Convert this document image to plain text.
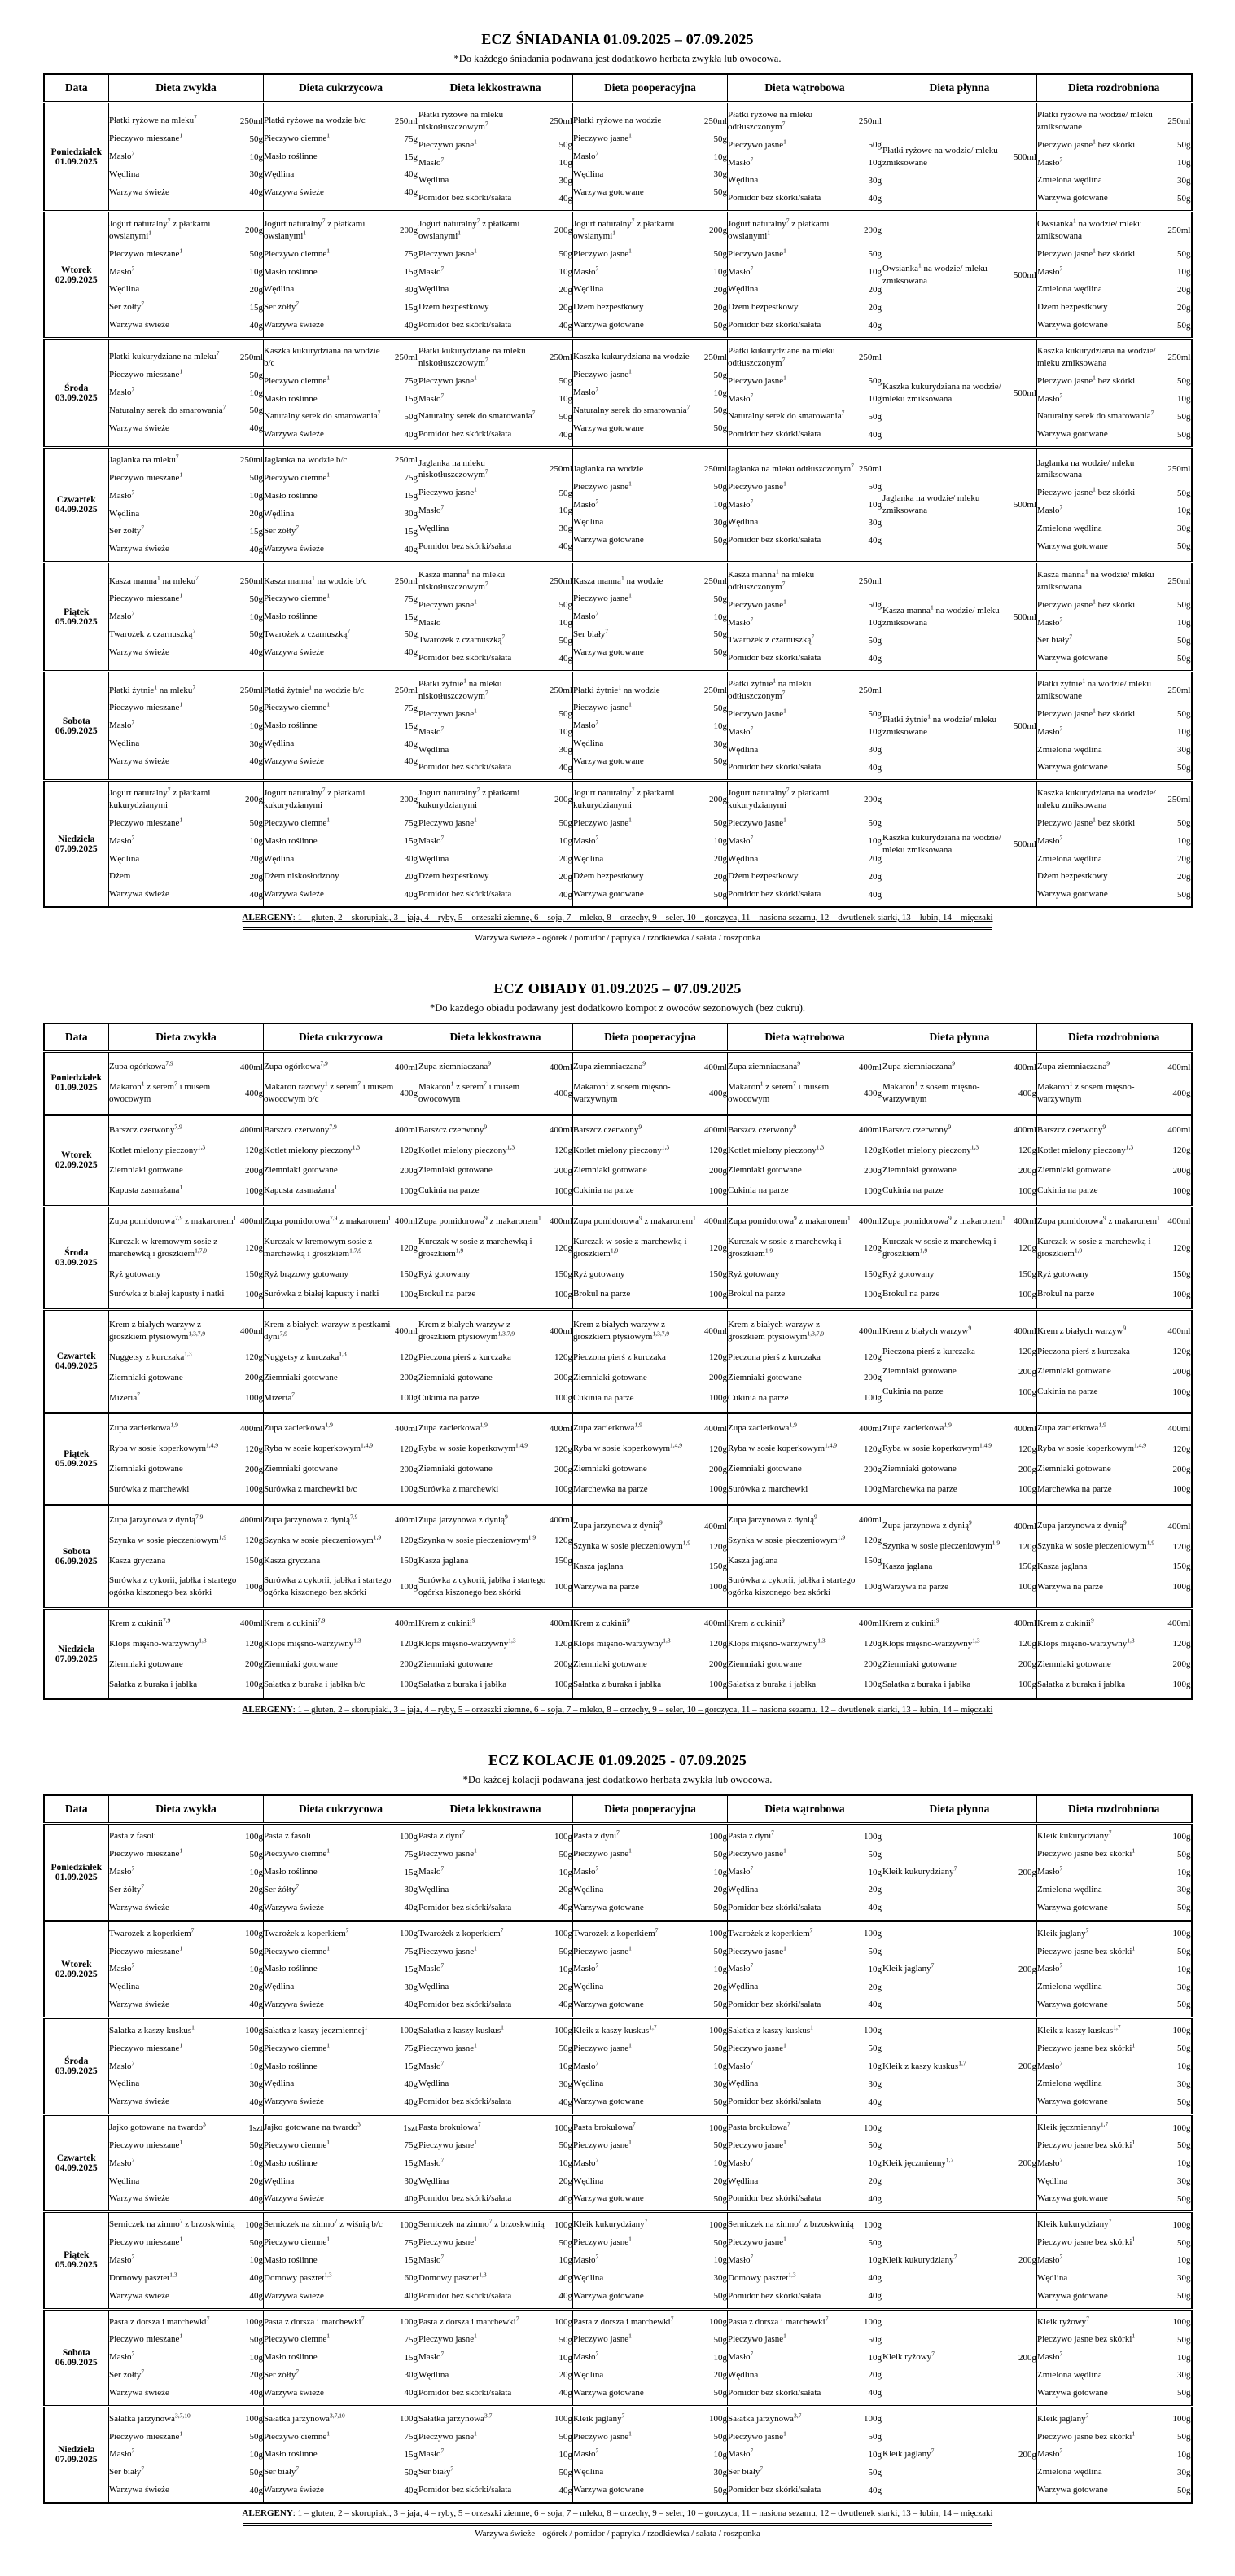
ECZ ŚNIADANIA 01.09.2025 – 07.09.2025
*Do każdego śniadania podawana jest dodatkowo herbata zwykła lub owocowa.
Data	Dieta zwykła	Dieta cukrzycowa	Dieta lekkostrawna	Dieta pooperacyjna	Dieta wątrobowa	Dieta płynna	Dieta rozdrobniona

Poniedziałek
01.09.2025

Płatki ryżowe na mleku$^7$	250ml
Pieczywo mieszane$^1$	50g
Masło$^7$	10g
Wędlina	30g
Warzywa świeże	40g

Płatki ryżowe na wodzie b/c	250ml
Pieczywo ciemne$^1$	75g
Masło roślinne	15g
Wędlina	40g
Warzywa świeże	40g

Płatki ryżowe na mleku niskotłuszczowym$^7$	250ml
Pieczywo jasne$^1$	50g
Masło$^7$	10g
Wędlina	30g
Pomidor bez skórki/sałata	40g

Płatki ryżowe na wodzie	250ml
Pieczywo jasne$^1$	50g
Masło$^7$	10g
Wędlina	30g
Warzywa gotowane	50g

Płatki ryżowe na mleku odtłuszczonym$^7$	250ml
Pieczywo jasne$^1$	50g
Masło$^7$	10g
Wędlina	30g
Pomidor bez skórki/sałata	40g

Płatki ryżowe na wodzie/ mleku zmiksowane
500ml

Płatki ryżowe na wodzie/ mleku zmiksowane
250ml
Pieczywo jasne$^1$ bez skórki	50g
Masło$^7$	10g
Zmielona wędlina	30g
Warzywa gotowane	50g

Wtorek
02.09.2025

Jogurt naturalny$^7$ z płatkami owsianymi$^1$	200g
Pieczywo mieszane$^1$	50g
Masło$^7$	10g
Wędlina	20g
Ser żółty$^7$	15g
Warzywa świeże	40g

Jogurt naturalny$^7$ z płatkami owsianymi$^1$	200g
Pieczywo ciemne$^1$	75g
Masło roślinne	15g
Wędlina	30g
Ser żółty$^7$	15g
Warzywa świeże	40g

Jogurt naturalny$^7$ z płatkami owsianymi$^1$	200g
Pieczywo jasne$^1$	50g
Masło$^7$	10g
Wędlina	20g
Dżem bezpestkowy	20g
Pomidor bez skórki/sałata	40g

Jogurt naturalny$^7$ z płatkami owsianymi$^1$	200g
Pieczywo jasne$^1$	50g
Masło$^7$	10g
Wędlina	20g
Dżem bezpestkowy	20g
Warzywa gotowane	50g

Jogurt naturalny$^7$ z płatkami owsianymi$^1$	200g
Pieczywo jasne$^1$	50g
Masło$^7$	10g
Wędlina	20g
Dżem bezpestkowy	20g
Pomidor bez skórki/sałata	40g

Owsianka$^1$ na wodzie/ mleku zmiksowana
500ml

Owsianka$^1$ na wodzie/ mleku zmiksowana
250ml
Pieczywo jasne$^1$ bez skórki	50g
Masło$^7$	10g
Zmielona wędlina	20g
Dżem bezpestkowy	20g
Warzywa gotowane	50g

Środa
03.09.2025

Płatki kukurydziane na mleku$^7$ 250ml
Pieczywo mieszane$^1$	50g
Masło$^7$	10g
Naturalny serek do smarowania$^7$	50g
Warzywa świeże	40g

Kaszka kukurydziana na wodzie b/c
250ml
Pieczywo ciemne$^1$	75g
Masło roślinne	15g
Naturalny serek do smarowania$^7$	50g
Warzywa świeże	40g

Płatki kukurydziane na mleku niskotłuszczowym$^7$	250ml
Pieczywo jasne$^1$	50g
Masło$^7$	10g
Naturalny serek do smarowania$^7$	50g
Pomidor bez skórki/sałata	40g

Kaszka kukurydziana na wodzie 250ml
Pieczywo jasne$^1$	50g
Masło$^7$	10g
Naturalny serek do smarowania$^7$	50g
Warzywa gotowane	50g

Płatki kukurydziane na mleku odtłuszczonym$^7$	250ml
Pieczywo jasne$^1$	50g
Masło$^7$	10g
Naturalny serek do smarowania$^7$	50g
Pomidor bez skórki/sałata	40g

Kaszka kukurydziana na wodzie/ mleku zmiksowana
500ml

Kaszka kukurydziana na wodzie/ mleku zmiksowana
250ml
Pieczywo jasne$^1$ bez skórki	50g
Masło$^7$	10g
Naturalny serek do smarowania$^7$	50g
Warzywa gotowane	50g

Czwartek
04.09.2025

Jaglanka na mleku$^7$	250ml
Pieczywo mieszane$^1$	50g
Masło$^7$	10g
Wędlina	20g
Ser żółty$^7$	15g
Warzywa świeże	40g

Jaglanka na wodzie b/c	250ml
Pieczywo ciemne$^1$	75g
Masło roślinne	15g
Wędlina	30g
Ser żółty$^7$	15g
Warzywa świeże	40g

Jaglanka na mleku niskotłuszczowym$^7$	250ml
Pieczywo jasne$^1$	50g
Masło$^7$	10g
Wędlina	30g
Pomidor bez skórki/sałata	40g

Jaglanka na wodzie	250ml
Pieczywo jasne$^1$	50g
Masło$^7$	10g
Wędlina	30g
Warzywa gotowane	50g

Jaglanka na mleku odtłuszczonym$^7$ 250ml
Pieczywo jasne$^1$	50g
Masło$^7$	10g
Wędlina	30g
Pomidor bez skórki/sałata	40g

Jaglanka na wodzie/ mleku zmiksowana
500ml

Jaglanka na wodzie/ mleku zmiksowana
250ml
Pieczywo jasne$^1$ bez skórki	50g
Masło$^7$	10g
Zmielona wędlina	30g
Warzywa gotowane	50g

Piątek
05.09.2025

Kasza manna$^1$ na mleku$^7$	250ml
Pieczywo mieszane$^1$	50g
Masło$^7$	10g
Twarożek z czarnuszką$^7$	50g
Warzywa świeże	40g

Kasza manna$^1$ na wodzie b/c	250ml
Pieczywo ciemne$^1$	75g
Masło roślinne	15g
Twarożek z czarnuszką$^7$	50g
Warzywa świeże	40g

Kasza manna$^1$ na mleku niskotłuszczowym$^7$	250ml
Pieczywo jasne$^1$	50g
Masło	10g
Twarożek z czarnuszką$^7$	50g
Pomidor bez skórki/sałata	40g

Kasza manna$^1$ na wodzie	250ml
Pieczywo jasne$^1$	50g
Masło$^7$	10g
Ser biały$^7$	50g
Warzywa gotowane	50g

Kasza manna$^1$ na mleku odtłuszczonym$^7$	250ml
Pieczywo jasne$^1$	50g
Masło$^7$	10g
Twarożek z czarnuszką$^7$	50g
Pomidor bez skórki/sałata	40g

Kasza manna$^1$ na wodzie/ mleku zmiksowana
500ml

Kasza manna$^1$ na wodzie/ mleku zmiksowana
250ml
Pieczywo jasne$^1$ bez skórki	50g
Masło$^7$	10g
Ser biały$^7$	50g
Warzywa gotowane	50g

Sobota
06.09.2025

Płatki żytnie$^1$ na mleku$^7$	250ml
Pieczywo mieszane$^1$	50g
Masło$^7$	10g
Wędlina	30g
Warzywa świeże	40g

Płatki żytnie$^1$ na wodzie b/c	250ml
Pieczywo ciemne$^1$	75g
Masło roślinne	15g
Wędlina	40g
Warzywa świeże	40g

Płatki żytnie$^1$ na mleku niskotłuszczowym$^7$	250ml
Pieczywo jasne$^1$	50g
Masło$^7$	10g
Wędlina	30g
Pomidor bez skórki/sałata	40g

Płatki żytnie$^1$ na wodzie	250ml
Pieczywo jasne$^1$	50g
Masło$^7$	10g
Wędlina	30g
Warzywa gotowane	50g

Płatki żytnie$^1$ na mleku odtłuszczonym$^7$	250ml
Pieczywo jasne$^1$	50g
Masło$^7$	10g
Wędlina	30g
Pomidor bez skórki/sałata	40g

Płatki żytnie$^1$ na wodzie/ mleku zmiksowane
500ml

Płatki żytnie$^1$ na wodzie/ mleku zmiksowane
250ml
Pieczywo jasne$^1$ bez skórki	50g
Masło$^7$	10g
Zmielona wędlina	30g
Warzywa gotowane	50g

Niedziela
07.09.2025

Jogurt naturalny$^7$ z płatkami kukurydzianymi
200g
Pieczywo mieszane$^1$	50g
Masło$^7$	10g
Wędlina	20g
Dżem	20g
Warzywa świeże	40g

Jogurt naturalny$^7$ z płatkami kukurydzianymi
200g
Pieczywo ciemne$^1$	75g
Masło roślinne	15g
Wędlina	30g
Dżem niskosłodzony	20g
Warzywa świeże	40g

Jogurt naturalny$^7$ z płatkami kukurydzianymi
200g
Pieczywo jasne$^1$	50g
Masło$^7$	10g
Wędlina	20g
Dżem bezpestkowy	20g
Pomidor bez skórki/sałata	40g

Jogurt naturalny$^7$ z płatkami kukurydzianymi
200g
Pieczywo jasne$^1$	50g
Masło$^7$	10g
Wędlina	20g
Dżem bezpestkowy	20g
Warzywa gotowane	50g

Jogurt naturalny$^7$ z płatkami kukurydzianymi
200g
Pieczywo jasne$^1$	50g
Masło$^7$	10g
Wędlina	20g
Dżem bezpestkowy	20g
Pomidor bez skórki/sałata	40g

Kaszka kukurydziana na wodzie/ mleku zmiksowana
500ml

Kaszka kukurydziana na wodzie/ mleku zmiksowana
250ml
Pieczywo jasne$^1$ bez skórki	50g
Masło$^7$	10g
Zmielona wędlina	20g
Dżem bezpestkowy	20g
Warzywa gotowane	50g
ALERGENY: 1 – gluten, 2 – skorupiaki, 3 – jaja, 4 – ryby, 5 – orzeszki ziemne, 6 – soja, 7 – mleko, 8 – orzechy, 9 – seler, 10 – gorczyca, 11 – nasiona sezamu, 12 – dwutlenek siarki, 13 – łubin, 14 – mięczaki
Warzywa świeże - ogórek / pomidor / papryka / rzodkiewka / sałata / roszponka
ECZ OBIADY 01.09.2025 – 07.09.2025
*Do każdego obiadu podawany jest dodatkowo kompot z owoców sezonowych (bez cukru).
Data	Dieta zwykła	Dieta cukrzycowa	Dieta lekkostrawna	Dieta pooperacyjna	Dieta wątrobowa	Dieta płynna	Dieta rozdrobniona

Poniedziałek
01.09.2025

Zupa ogórkowa$^{7,9}$	400ml
Makaron$^1$ z serem$^7$ i musem owocowym
400g

Zupa ogórkowa$^{7,9}$	400ml
Makaron razowy$^1$ z serem$^7$ i musem owocowym b/c
400g

Zupa ziemniaczana$^9$	400ml
Makaron$^1$ z serem$^7$ i musem owocowym
400g

Zupa ziemniaczana$^9$	400ml
Makaron$^1$ z sosem mięsno-warzywnym
400g

Zupa ziemniaczana$^9$	400ml
Makaron$^1$ z serem$^7$ i musem owocowym
400g

Zupa ziemniaczana$^9$	400ml
Makaron$^1$ z sosem mięsno-warzywnym
400g

Zupa ziemniaczana$^9$	400ml
Makaron$^1$ z sosem mięsno-warzywnym
400g

Wtorek
02.09.2025

Barszcz czerwony$^{7,9}$	400ml
Kotlet mielony pieczony$^{1,3}$	120g
Ziemniaki gotowane	200g
Kapusta zasmażana$^1$	100g

Barszcz czerwony$^{7,9}$	400ml
Kotlet mielony pieczony$^{1,3}$	120g
Ziemniaki gotowane	200g
Kapusta zasmażana$^1$	100g

Barszcz czerwony$^9$	400ml
Kotlet mielony pieczony$^{1,3}$	120g
Ziemniaki gotowane	200g
Cukinia na parze	100g

Barszcz czerwony$^9$	400ml
Kotlet mielony pieczony$^{1,3}$	120g
Ziemniaki gotowane	200g
Cukinia na parze	100g

Barszcz czerwony$^9$	400ml
Kotlet mielony pieczony$^{1,3}$	120g
Ziemniaki gotowane	200g
Cukinia na parze	100g

Barszcz czerwony$^9$	400ml
Kotlet mielony pieczony$^{1,3}$	120g
Ziemniaki gotowane	200g
Cukinia na parze	100g

Barszcz czerwony$^9$	400ml
Kotlet mielony pieczony$^{1,3}$	120g
Ziemniaki gotowane	200g
Cukinia na parze	100g

Środa
03.09.2025

Zupa pomidorowa$^{7,9}$ z makaronem$^1$ 400ml
Kurczak w kremowym sosie z marchewką i groszkiem$^{1,7,9}$	120g
Ryż gotowany	150g
Surówka z białej kapusty i natki 100g

Zupa pomidorowa$^{7,9}$ z makaronem$^1$ 400ml
Kurczak w kremowym sosie z marchewką i groszkiem$^{1,7,9}$	120g
Ryż brązowy gotowany	150g
Surówka z białej kapusty i natki 100g

Zupa pomidorowa$^9$ z makaronem$^1$ 400ml
Kurczak w sosie z marchewką i groszkiem$^{1,9}$	120g
Ryż gotowany	150g
Brokul na parze	100g

Zupa pomidorowa$^9$ z makaronem$^1$ 400ml
Kurczak w sosie z marchewką i groszkiem$^{1,9}$	120g
Ryż gotowany	150g
Brokul na parze	100g

Zupa pomidorowa$^9$ z makaronem$^1$ 400ml
Kurczak w sosie z marchewką i groszkiem$^{1,9}$	120g
Ryż gotowany	150g
Brokul na parze	100g

Zupa pomidorowa$^9$ z makaronem$^1$ 400ml
Kurczak w sosie z marchewką i groszkiem$^{1,9}$	120g
Ryż gotowany	150g
Brokul na parze	100g

Zupa pomidorowa$^9$ z makaronem$^1$ 400ml
Kurczak w sosie z marchewką i groszkiem$^{1,9}$	120g
Ryż gotowany	150g
Brokul na parze	100g

Czwartek
04.09.2025

Krem z białych warzyw z groszkiem ptysiowym$^{1,3,7,9}$	400ml
Nuggetsy z kurczaka$^{1,3}$	120g
Ziemniaki gotowane	200g
Mizeria$^7$	100g

Krem z białych warzyw z pestkami dyni$^{7,9}$	400ml
Nuggetsy z kurczaka$^{1,3}$	120g
Ziemniaki gotowane	200g
Mizeria$^7$	100g

Krem z białych warzyw z groszkiem ptysiowym$^{1,3,7,9}$	400ml
Pieczona pierś z kurczaka	120g
Ziemniaki gotowane	200g
Cukinia na parze	100g

Krem z białych warzyw z groszkiem ptysiowym$^{1,3,7,9}$	400ml
Pieczona pierś z kurczaka	120g
Ziemniaki gotowane	200g
Cukinia na parze	100g

Krem z białych warzyw z groszkiem ptysiowym$^{1,3,7,9}$	400ml
Pieczona pierś z kurczaka	120g
Ziemniaki gotowane	200g
Cukinia na parze	100g

Krem z białych warzyw$^9$	400ml
Pieczona pierś z kurczaka	120g
Ziemniaki gotowane	200g
Cukinia na parze	100g

Krem z białych warzyw$^9$	400ml
Pieczona pierś z kurczaka	120g
Ziemniaki gotowane	200g
Cukinia na parze	100g

Piątek
05.09.2025

Zupa zacierkowa$^{1,9}$	400ml
Ryba w sosie koperkowym$^{1,4,9}$	120g
Ziemniaki gotowane	200g
Surówka z marchewki	100g

Zupa zacierkowa$^{1,9}$	400ml
Ryba w sosie koperkowym$^{1,4,9}$	120g
Ziemniaki gotowane	200g
Surówka z marchewki b/c	100g

Zupa zacierkowa$^{1,9}$	400ml
Ryba w sosie koperkowym$^{1,4,9}$	120g
Ziemniaki gotowane	200g
Surówka z marchewki	100g

Zupa zacierkowa$^{1,9}$	400ml
Ryba w sosie koperkowym$^{1,4,9}$	120g
Ziemniaki gotowane	200g
Marchewka na parze	100g

Zupa zacierkowa$^{1,9}$	400ml
Ryba w sosie koperkowym$^{1,4,9}$	120g
Ziemniaki gotowane	200g
Surówka z marchewki	100g

Zupa zacierkowa$^{1,9}$	400ml
Ryba w sosie koperkowym$^{1,4,9}$	120g
Ziemniaki gotowane	200g
Marchewka na parze	100g

Zupa zacierkowa$^{1,9}$	400ml
Ryba w sosie koperkowym$^{1,4,9}$	120g
Ziemniaki gotowane	200g
Marchewka na parze	100g

Sobota
06.09.2025

Zupa jarzynowa z dynią$^{7,9}$	400ml
Szynka w sosie pieczeniowym$^{1,9}$ 120g
Kasza gryczana	150g
Surówka z cykorii, jabłka i startego ogórka kiszonego bez skórki
100g

Zupa jarzynowa z dynią$^{7,9}$	400ml
Szynka w sosie pieczeniowym$^{1,9}$ 120g
Kasza gryczana	150g
Surówka z cykorii, jabłka i startego ogórka kiszonego bez skórki
100g

Zupa jarzynowa z dynią$^9$	400ml
Szynka w sosie pieczeniowym$^{1,9}$ 120g
Kasza jaglana	150g
Surówka z cykorii, jabłka i startego ogórka kiszonego bez skórki
100g

Zupa jarzynowa z dynią$^9$	400ml
Szynka w sosie pieczeniowym$^{1,9}$ 120g
Kasza jaglana	150g
Warzywa na parze	100g

Zupa jarzynowa z dynią$^9$	400ml
Szynka w sosie pieczeniowym$^{1,9}$ 120g
Kasza jaglana	150g
Surówka z cykorii, jabłka i startego ogórka kiszonego bez skórki
100g

Zupa jarzynowa z dynią$^9$	400ml
Szynka w sosie pieczeniowym$^{1,9}$ 120g
Kasza jaglana	150g
Warzywa na parze	100g

Zupa jarzynowa z dynią$^9$	400ml
Szynka w sosie pieczeniowym$^{1,9}$ 120g
Kasza jaglana	150g
Warzywa na parze	100g

Niedziela
07.09.2025

Krem z cukinii$^{7,9}$	400ml
Klops mięsno-warzywny$^{1,3}$	120g
Ziemniaki gotowane	200g
Sałatka z buraka i jabłka	100g

Krem z cukinii$^{7,9}$	400ml
Klops mięsno-warzywny$^{1,3}$	120g
Ziemniaki gotowane	200g
Sałatka z buraka i jabłka b/c	100g

Krem z cukinii$^9$	400ml
Klops mięsno-warzywny$^{1,3}$	120g
Ziemniaki gotowane	200g
Sałatka z buraka i jabłka	100g

Krem z cukinii$^9$	400ml
Klops mięsno-warzywny$^{1,3}$	120g
Ziemniaki gotowane	200g
Sałatka z buraka i jabłka	100g

Krem z cukinii$^9$	400ml
Klops mięsno-warzywny$^{1,3}$	120g
Ziemniaki gotowane	200g
Sałatka z buraka i jabłka	100g

Krem z cukinii$^9$	400ml
Klops mięsno-warzywny$^{1,3}$	120g
Ziemniaki gotowane	200g
Sałatka z buraka i jabłka	100g

Krem z cukinii$^9$	400ml
Klops mięsno-warzywny$^{1,3}$	120g
Ziemniaki gotowane	200g
Sałatka z buraka i jabłka	100g
ALERGENY: 1 – gluten, 2 – skorupiaki, 3 – jaja, 4 – ryby, 5 – orzeszki ziemne, 6 – soja, 7 – mleko, 8 – orzechy, 9 – seler, 10 – gorczyca, 11 – nasiona sezamu, 12 – dwutlenek siarki, 13 – łubin, 14 – mięczaki
ECZ KOLACJE 01.09.2025 - 07.09.2025
*Do każdej kolacji podawana jest dodatkowo herbata zwykła lub owocowa.
Data	Dieta zwykła	Dieta cukrzycowa	Dieta lekkostrawna	Dieta pooperacyjna	Dieta wątrobowa	Dieta płynna	Dieta rozdrobniona

Poniedziałek
01.09.2025

Pasta z fasoli	100g
Pieczywo mieszane$^1$	50g
Masło$^7$	10g
Ser żółty$^7$	20g
Warzywa świeże	40g

Pasta z fasoli	100g
Pieczywo ciemne$^1$	75g
Masło roślinne	15g
Ser żółty$^7$	30g
Warzywa świeże	40g

Pasta z dyni$^7$	100g
Pieczywo jasne$^1$	50g
Masło$^7$	10g
Wędlina	20g
Pomidor bez skórki/sałata	40g

Pasta z dyni$^7$	100g
Pieczywo jasne$^1$	50g
Masło$^7$	10g
Wędlina	20g
Warzywa gotowane	50g

Pasta z dyni$^7$	100g
Pieczywo jasne$^1$	50g
Masło$^7$	10g
Wędlina	20g
Pomidor bez skórki/sałata	40g

Kleik kukurydziany$^7$	200g

Kleik kukurydziany$^7$	100g
Pieczywo jasne bez skórki$^1$	50g
Masło$^7$	10g
Zmielona wędlina	30g
Warzywa gotowane	50g

Wtorek
02.09.2025

Twarożek z koperkiem$^7$	100g
Pieczywo mieszane$^1$	50g
Masło$^7$	10g
Wędlina	20g
Warzywa świeże	40g

Twarożek z koperkiem$^7$	100g
Pieczywo ciemne$^1$	75g
Masło roślinne	15g
Wędlina	30g
Warzywa świeże	40g

Twarożek z koperkiem$^7$	100g
Pieczywo jasne$^1$	50g
Masło$^7$	10g
Wędlina	20g
Pomidor bez skórki/sałata	40g

Twarożek z koperkiem$^7$	100g
Pieczywo jasne$^1$	50g
Masło$^7$	10g
Wędlina	20g
Warzywa gotowane	50g

Twarożek z koperkiem$^7$	100g
Pieczywo jasne$^1$	50g
Masło$^7$	10g
Wędlina	20g
Pomidor bez skórki/sałata	40g

Kleik jaglany$^7$	200g

Kleik jaglany$^7$	100g
Pieczywo jasne bez skórki$^1$	50g
Masło$^7$	10g
Zmielona wędlina	30g
Warzywa gotowane	50g

Środa
03.09.2025

Sałatka z kaszy kuskus$^1$	100g
Pieczywo mieszane$^1$	50g
Masło$^7$	10g
Wędlina	30g
Warzywa świeże	40g

Sałatka z kaszy jęczmiennej$^1$	100g
Pieczywo ciemne$^1$	75g
Masło roślinne	15g
Wędlina	40g
Warzywa świeże	40g

Sałatka z kaszy kuskus$^1$	100g
Pieczywo jasne$^1$	50g
Masło$^7$	10g
Wędlina	30g
Pomidor bez skórki/sałata	40g

Kleik z kaszy kuskus$^{1,7}$	100g
Pieczywo jasne$^1$	50g
Masło$^7$	10g
Wędlina	30g
Warzywa gotowane	50g

Sałatka z kaszy kuskus$^1$	100g
Pieczywo jasne$^1$	50g
Masło$^7$	10g
Wędlina	30g
Pomidor bez skórki/sałata	40g

Kleik z kaszy kuskus$^{1,7}$	200g

Kleik z kaszy kuskus$^{1,7}$	100g
Pieczywo jasne bez skórki$^1$	50g
Masło$^7$	10g
Zmielona wędlina	30g
Warzywa gotowane	50g

Czwartek
04.09.2025

Jajko gotowane na twardo$^3$	1szt
Pieczywo mieszane$^1$	50g
Masło$^7$	10g
Wędlina	20g
Warzywa świeże	40g

Jajko gotowane na twardo$^3$	1szt
Pieczywo ciemne$^1$	75g
Masło roślinne	15g
Wędlina	30g
Warzywa świeże	40g

Pasta brokułowa$^7$	100g
Pieczywo jasne$^1$	50g
Masło$^7$	10g
Wędlina	20g
Pomidor bez skórki/sałata	40g

Pasta brokułowa$^7$	100g
Pieczywo jasne$^1$	50g
Masło$^7$	10g
Wędlina	20g
Warzywa gotowane	50g

Pasta brokułowa$^7$	100g
Pieczywo jasne$^1$	50g
Masło$^7$	10g
Wędlina	20g
Pomidor bez skórki/sałata	40g

Kleik jęczmienny$^{1,7}$	200g

Kleik jęczmienny$^{1,7}$	100g
Pieczywo jasne bez skórki$^1$	50g
Masło$^7$	10g
Wędlina	30g
Warzywa gotowane	50g

Piątek
05.09.2025

Serniczek na zimno$^7$ z brzoskwinią 100g
Pieczywo mieszane$^1$	50g
Masło$^7$	10g
Domowy pasztet$^{1,3}$	40g
Warzywa świeże	40g

Serniczek na zimno$^7$ z wiśnią b/c 100g
Pieczywo ciemne$^1$	75g
Masło roślinne	15g
Domowy pasztet$^{1,3}$	60g
Warzywa świeże	40g

Serniczek na zimno$^7$ z brzoskwinią 100g
Pieczywo jasne$^1$	50g
Masło$^7$	10g
Domowy pasztet$^{1,3}$	40g
Pomidor bez skórki/sałata	40g

Kleik kukurydziany$^7$	100g
Pieczywo jasne$^1$	50g
Masło$^7$	10g
Wędlina	30g
Warzywa gotowane	50g

Serniczek na zimno$^7$ z brzoskwinią 100g
Pieczywo jasne$^1$	50g
Masło$^7$	10g
Domowy pasztet$^{1,3}$	40g
Pomidor bez skórki/sałata	40g

Kleik kukurydziany$^7$	200g

Kleik kukurydziany$^7$	100g
Pieczywo jasne bez skórki$^1$	50g
Masło$^7$	10g
Wędlina	30g
Warzywa gotowane	50g

Sobota
06.09.2025

Pasta z dorsza i marchewki$^7$	100g
Pieczywo mieszane$^1$	50g
Masło$^7$	10g
Ser żółty$^7$	20g
Warzywa świeże	40g

Pasta z dorsza i marchewki$^7$	100g
Pieczywo ciemne$^1$	75g
Masło roślinne	15g
Ser żółty$^7$	30g
Warzywa świeże	40g

Pasta z dorsza i marchewki$^7$	100g
Pieczywo jasne$^1$	50g
Masło$^7$	10g
Wędlina	20g
Pomidor bez skórki/sałata	40g

Pasta z dorsza i marchewki$^7$	100g
Pieczywo jasne$^1$	50g
Masło$^7$	10g
Wędlina	20g
Warzywa gotowane	50g

Pasta z dorsza i marchewki$^7$	100g
Pieczywo jasne$^1$	50g
Masło$^7$	10g
Wędlina	20g
Pomidor bez skórki/sałata	40g

Kleik ryżowy$^7$	200g

Kleik ryżowy$^7$	100g
Pieczywo jasne bez skórki$^1$	50g
Masło$^7$	10g
Zmielona wędlina	30g
Warzywa gotowane	50g

Niedziela
07.09.2025

Sałatka jarzynowa$^{3,7,10}$	100g
Pieczywo mieszane$^1$	50g
Masło$^7$	10g
Ser biały$^7$	50g
Warzywa świeże	40g

Sałatka jarzynowa$^{3,7,10}$	100g
Pieczywo ciemne$^1$	75g
Masło roślinne	15g
Ser biały$^7$	50g
Warzywa świeże	40g

Sałatka jarzynowa$^{3,7}$	100g
Pieczywo jasne$^1$	50g
Masło$^7$	10g
Ser biały$^7$	50g
Pomidor bez skórki/sałata	40g

Kleik jaglany$^7$	100g
Pieczywo jasne$^1$	50g
Masło$^7$	10g
Wędlina	30g
Warzywa gotowane	50g

Sałatka jarzynowa$^{3,7}$	100g
Pieczywo jasne$^1$	50g
Masło$^7$	10g
Ser biały$^7$	50g
Pomidor bez skórki/sałata	40g

Kleik jaglany$^7$	200g

Kleik jaglany$^7$	100g
Pieczywo jasne bez skórki$^1$	50g
Masło$^7$	10g
Zmielona wędlina	30g
Warzywa gotowane	50g
ALERGENY: 1 – gluten, 2 – skorupiaki, 3 – jaja, 4 – ryby, 5 – orzeszki ziemne, 6 – soja, 7 – mleko, 8 – orzechy, 9 – seler, 10 – gorczyca, 11 – nasiona sezamu, 12 – dwutlenek siarki, 13 – łubin, 14 – mięczaki
Warzywa świeże - ogórek / pomidor / papryka / rzodkiewka / sałata / roszponka
